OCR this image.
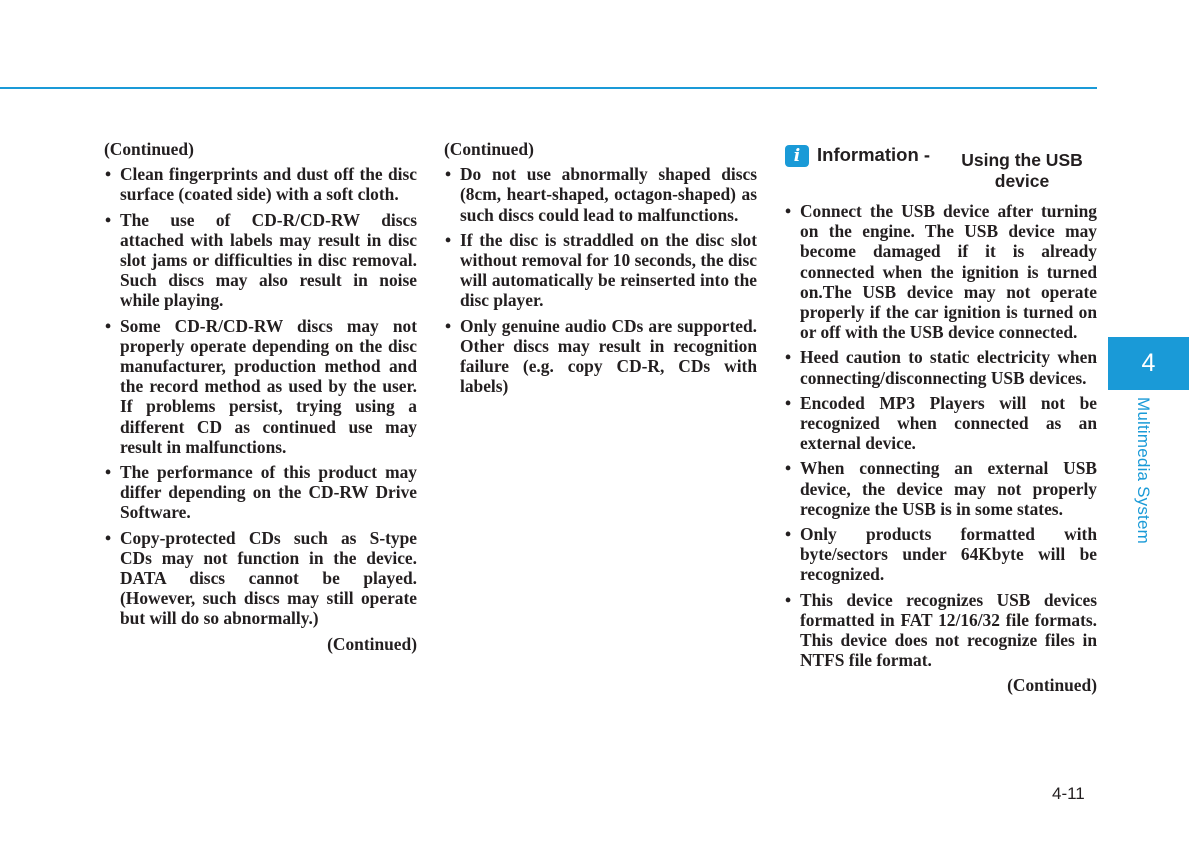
(Continued)
• Clean fingerprints and dust off the disc surface (coated side) with a soft cloth.
• The use of CD-R/CD-RW discs attached with labels may result in disc slot jams or difficulties in disc removal. Such discs may also result in noise while playing.
• Some CD-R/CD-RW discs may not properly operate depending on the disc manufacturer, production method and the record method as used by the user. If problems persist, trying using a different CD as continued use may result in malfunctions.
• The performance of this product may differ depending on the CD-RW Drive Software.
• Copy-protected CDs such as S-type CDs may not function in the device. DATA discs cannot be played. (However, such discs may still operate but will do so abnormally.)
(Continued)
(Continued)
• Do not use abnormally shaped discs (8cm, heart-shaped, octagon-shaped) as such discs could lead to malfunctions.
• If the disc is straddled on the disc slot without removal for 10 seconds, the disc will automatically be reinserted into the disc player.
• Only genuine audio CDs are supported. Other discs may result in recognition failure (e.g. copy CD-R, CDs with labels)
i Information -	Using the USB device
• Connect the USB device after turning on the engine. The USB device may become damaged if it is already connected when the ignition is turned on.The USB device may not operate properly if the car ignition is turned on or off with the USB device connected.
• Heed caution to static electricity when connecting/disconnecting USB devices.
• Encoded MP3 Players will not be recognized when connected as an external device.
• When connecting an external USB device, the device may not properly recognize the USB is in some states.
• Only products formatted with byte/sectors under 64Kbyte will be recognized.
• This device recognizes USB devices formatted in FAT 12/16/32 file formats. This device does not recognize files in NTFS file format.
(Continued)
4
Multimedia System
4-11
